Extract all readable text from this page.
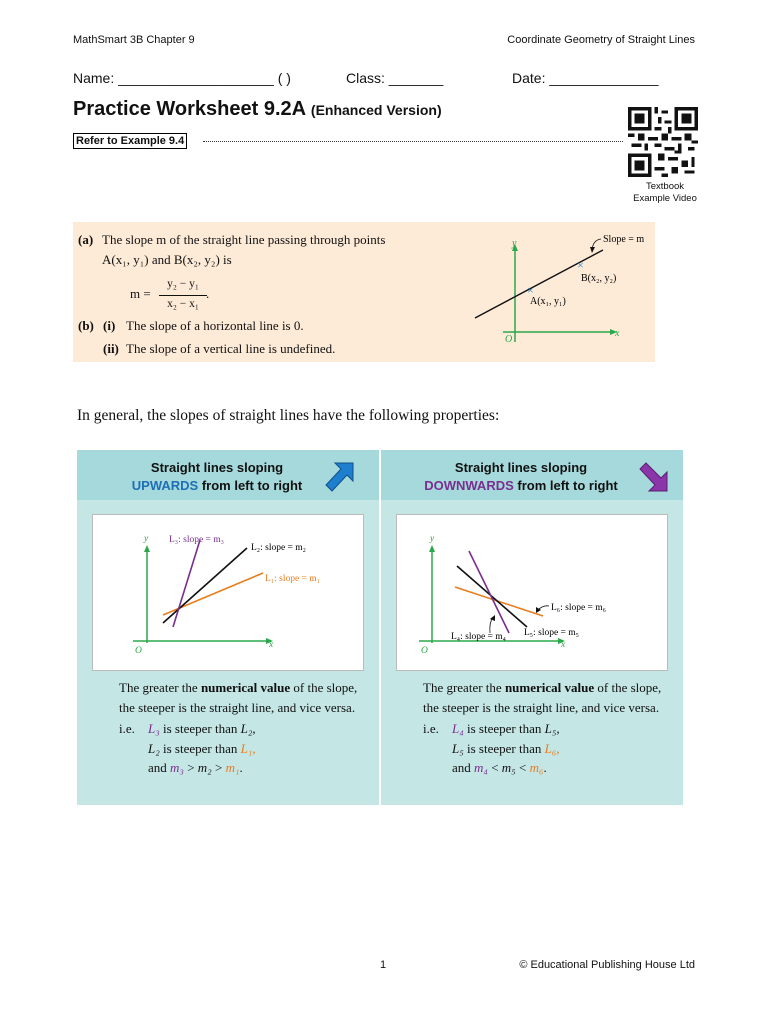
MathSmart 3B Chapter 9	Coordinate Geometry of Straight Lines
Name: ____________________ ( )	Class: _______	Date: ______________
Practice Worksheet 9.2A (Enhanced Version)
Refer to Example 9.4
Textbook
Example Video
(a) The slope m of the straight line passing through points
A(x₁, y₁) and B(x₂, y₂) is
m =
y₂ − y₁
x₂ − x₁
.
(b) (i) The slope of a horizontal line is 0.
(ii) The slope of a vertical line is undefined.
×
×
Slope = m
B(x₂, y₂)
A(x₁, y₁)
x
y
O
In general, the slopes of straight lines have the following properties:
Straight lines sloping
UPWARDS from left to right
L₃: slope = m₃
L₂: slope = m₂
L₁: slope = m₁
y
x
O
The greater the numerical value of the slope, the steeper is the straight line, and vice versa.
i.e. L₃ is steeper than L₂,
L₂ is steeper than L₁,
and m₃ > m₂ > m₁.
Straight lines sloping
DOWNWARDS from left to right
L₆: slope = m₆
L₅: slope = m₅
L₄: slope = m₄
y
x
O
The greater the numerical value of the slope, the steeper is the straight line, and vice versa.
i.e. L₄ is steeper than L₅,
L₅ is steeper than L₆,
and m₄ < m₅ < m₆.
1	© Educational Publishing House Ltd
